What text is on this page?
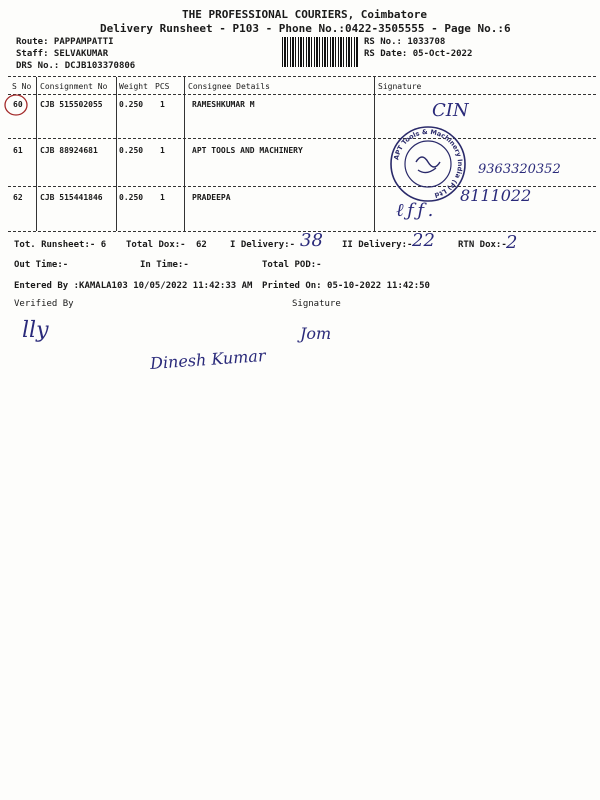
THE PROFESSIONAL COURIERS, Coimbatore
Delivery Runsheet - P103 - Phone No.:0422-3505555 - Page No.:6
Route: PAPPAMPATTI
Staff: SELVAKUMAR
DRS No.: DCJB103370806
RS No.: 1033708
RS Date: 05-Oct-2022
S No Consignment No Weight PCS Consignee Details	Signature
60 CJB 515502055 0.250 1	RAMESHKUMAR M
61 CJB 88924681	0.250 1	APT TOOLS AND MACHINERY
62 CJB 515441846 0.250 1	PRADEEPA
APT Tools & Machinery India (P) Ltd
CIN
9363320352
ℓ ƒ ƒ .
8111022
Tot. Runsheet:- 6 Total Dox:- 62	I Delivery:- 38 II Delivery:- 22	RTN Dox:- 2
Out Time:-	In Time:-	Total POD:-
Entered By :KAMALA103 10/05/2022 11:42:33 AM Printed On: 05-10-2022 11:42:50
Verified By	Signature
lly
Dinesh Kumar
Jom
